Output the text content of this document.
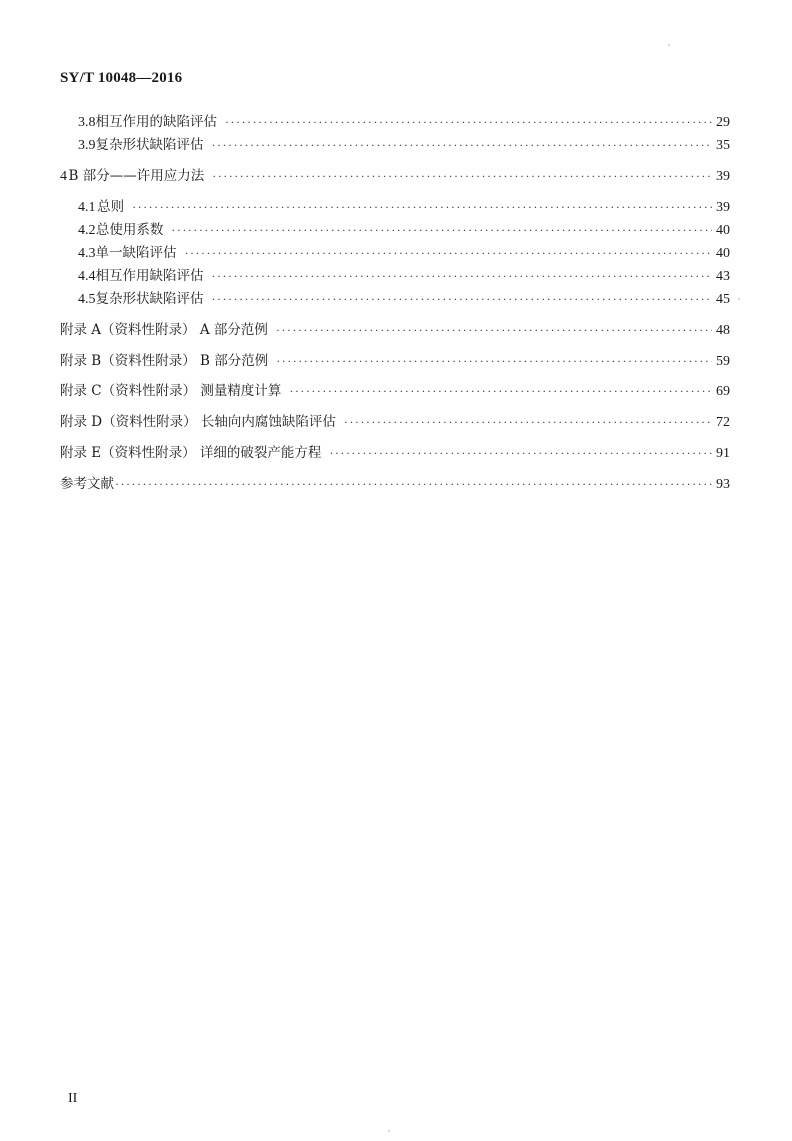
SY/T 10048—2016
3.8 相互作用的缺陷评估 ·····	29
3.9 复杂形状缺陷评估 ·····	35
4 B 部分——许用应力法 ·····	39
4.1 总则 ·····	39
4.2 总使用系数 ·····	40
4.3 单一缺陷评估 ·····	40
4.4 相互作用缺陷评估 ·····	43
4.5 复杂形状缺陷评估 ·····	45
附录 A（资料性附录） A 部分范例 ·····	48
附录 B（资料性附录） B 部分范例 ·····	59
附录 C（资料性附录） 测量精度计算 ·····	69
附录 D（资料性附录） 长轴向内腐蚀缺陷评估 ·····	72
附录 E（资料性附录） 详细的破裂产能方程 ·····	91
参考文献 ·····	93
II
